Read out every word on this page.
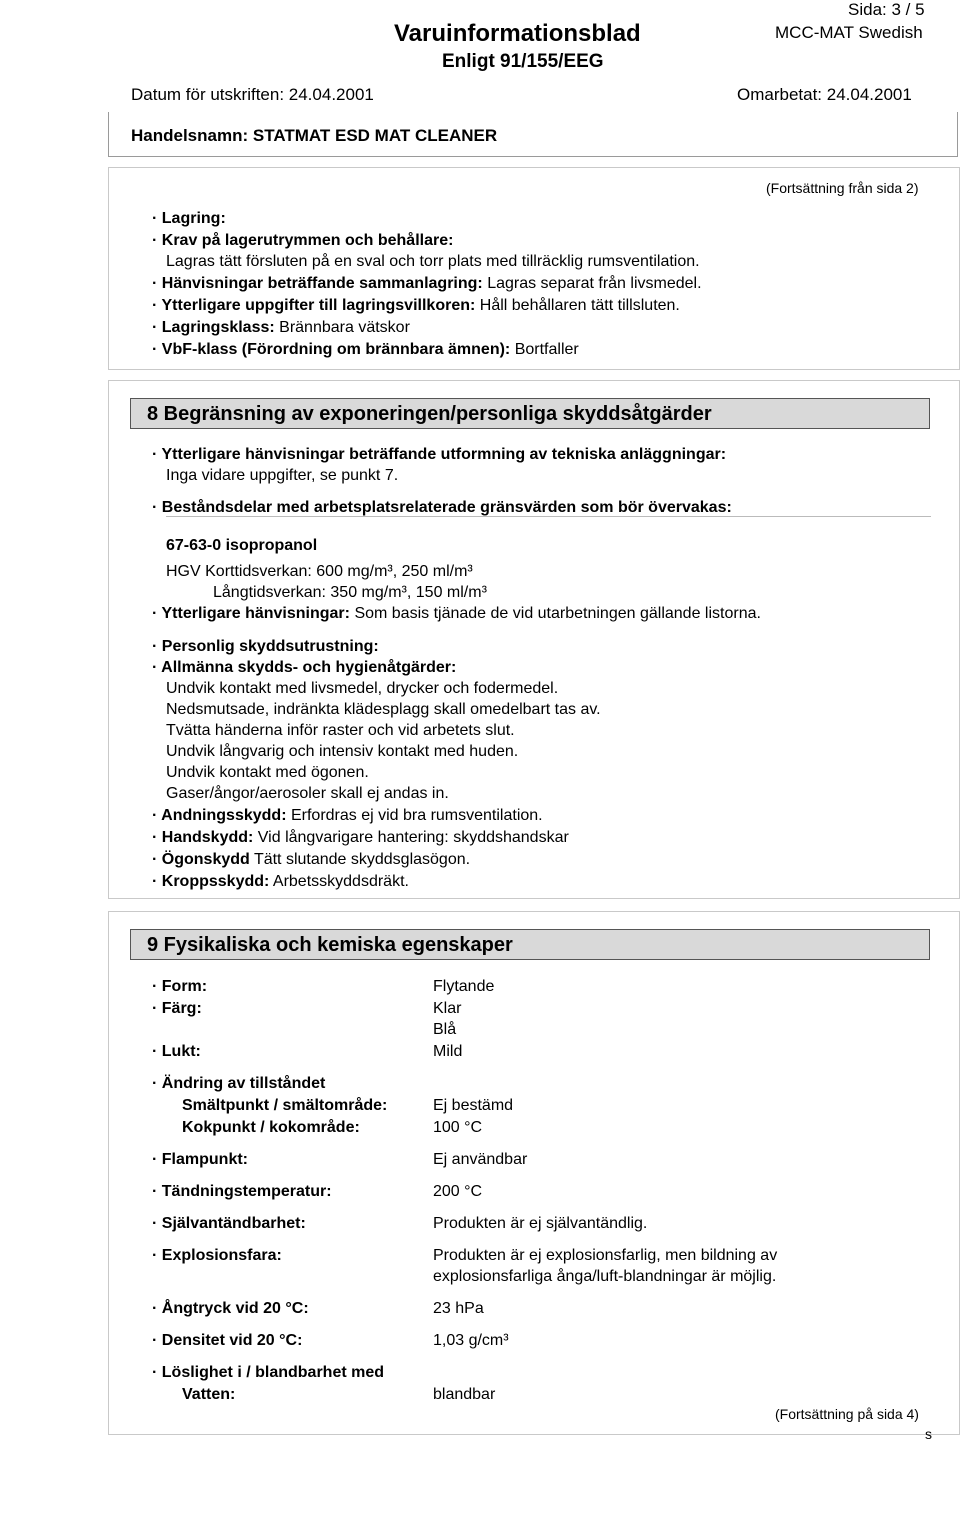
Sida: 3 / 5
Varuinformationsblad	MCC-MAT Swedish
Enligt 91/155/EEG
Datum för utskriften: 24.04.2001	Omarbetat: 24.04.2001
Handelsnamn: STATMAT ESD MAT CLEANER
(Fortsättning från sida 2)
· Lagring:
· Krav på lagerutrymmen och behållare:
Lagras tätt försluten på en sval och torr plats med tillräcklig rumsventilation.
· Hänvisningar beträffande sammanlagring: Lagras separat från livsmedel.
· Ytterligare uppgifter till lagringsvillkoren: Håll behållaren tätt tillsluten.
· Lagringsklass: Brännbara vätskor
· VbF-klass (Förordning om brännbara ämnen): Bortfaller
8 Begränsning av exponeringen/personliga skyddsåtgärder
· Ytterligare hänvisningar beträffande utformning av tekniska anläggningar:
Inga vidare uppgifter, se punkt 7.
· Beståndsdelar med arbetsplatsrelaterade gränsvärden som bör övervakas:
67-63-0 isopropanol
HGV Korttidsverkan: 600 mg/m³, 250 ml/m³
Långtidsverkan: 350 mg/m³, 150 ml/m³
· Ytterligare hänvisningar: Som basis tjänade de vid utarbetningen gällande listorna.
· Personlig skyddsutrustning:
· Allmänna skydds- och hygienåtgärder:
Undvik kontakt med livsmedel, drycker och fodermedel.
Nedsmutsade, indränkta klädesplagg skall omedelbart tas av.
Tvätta händerna inför raster och vid arbetets slut.
Undvik långvarig och intensiv kontakt med huden.
Undvik kontakt med ögonen.
Gaser/ångor/aerosoler skall ej andas in.
· Andningsskydd: Erfordras ej vid bra rumsventilation.
· Handskydd: Vid långvarigare hantering: skyddshandskar
· Ögonskydd Tätt slutande skyddsglasögon.
· Kroppsskydd: Arbetsskyddsdräkt.
9 Fysikaliska och kemiska egenskaper
· Form:	Flytande
· Färg:	Klar
Blå
· Lukt:	Mild
· Ändring av tillståndet
Smältpunkt / smältområde:	Ej bestämd
Kokpunkt / kokområde:	100 °C
· Flampunkt:	Ej användbar
· Tändningstemperatur:	200 °C
· Självantändbarhet:	Produkten är ej självantändlig.
· Explosionsfara:	Produkten är ej explosionsfarlig, men bildning av
explosionsfarliga ånga/luft-blandningar är möjlig.
· Ångtryck vid 20 °C:	23 hPa
· Densitet vid 20 °C:	1,03 g/cm³
· Löslighet i / blandbarhet med
Vatten:	blandbar
(Fortsättning på sida 4)
s
